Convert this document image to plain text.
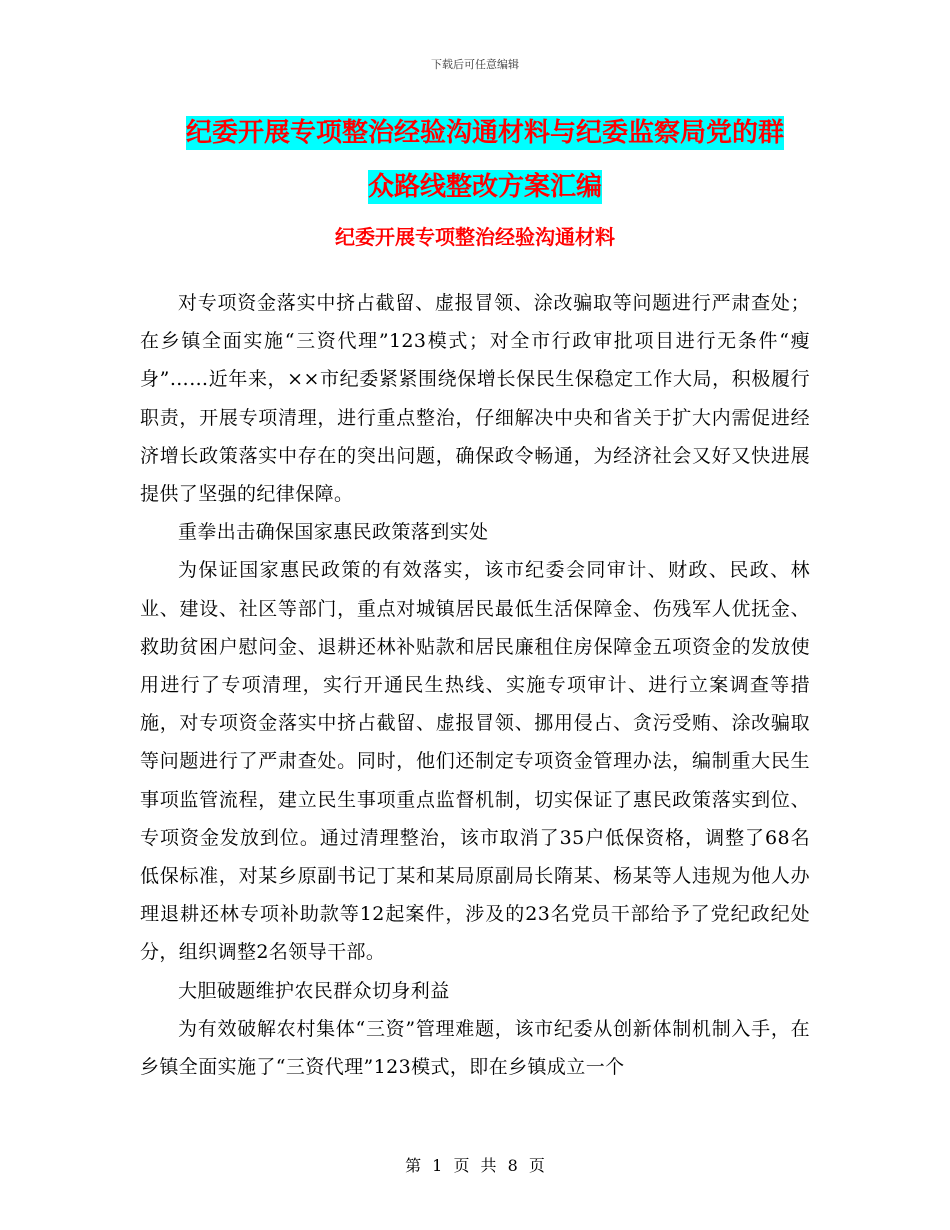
下载后可任意编辑
纪委开展专项整治经验沟通材料与纪委监察局党的群
众路线整改方案汇编
纪委开展专项整治经验沟通材料

对专项资金落实中挤占截留、虚报冒领、涂改骗取等问题进行严肃查处；在乡镇全面实施“三资代理”123模式；对全市行政审批项目进行无条件“瘦身”……近年来，××市纪委紧紧围绕保增长保民生保稳定工作大局，积极履行职责，开展专项清理，进行重点整治，仔细解决中央和省关于扩大内需促进经济增长政策落实中存在的突出问题，确保政令畅通，为经济社会又好又快进展提供了坚强的纪律保障。

重拳出击确保国家惠民政策落到实处

为保证国家惠民政策的有效落实，该市纪委会同审计、财政、民政、林业、建设、社区等部门，重点对城镇居民最低生活保障金、伤残军人优抚金、救助贫困户慰问金、退耕还林补贴款和居民廉租住房保障金五项资金的发放使用进行了专项清理，实行开通民生热线、实施专项审计、进行立案调查等措施，对专项资金落实中挤占截留、虚报冒领、挪用侵占、贪污受贿、涂改骗取等问题进行了严肃查处。同时，他们还制定专项资金管理办法，编制重大民生事项监管流程，建立民生事项重点监督机制，切实保证了惠民政策落实到位、专项资金发放到位。通过清理整治，该市取消了35户低保资格，调整了68名低保标准，对某乡原副书记丁某和某局原副局长隋某、杨某等人违规为他人办理退耕还林专项补助款等12起案件，涉及的23名党员干部给予了党纪政纪处分，组织调整2名领导干部。

大胆破题维护农民群众切身利益

为有效破解农村集体“三资”管理难题，该市纪委从创新体制机制入手，在乡镇全面实施了“三资代理”123模式，即在乡镇成立一个

第 1 页 共 8 页
